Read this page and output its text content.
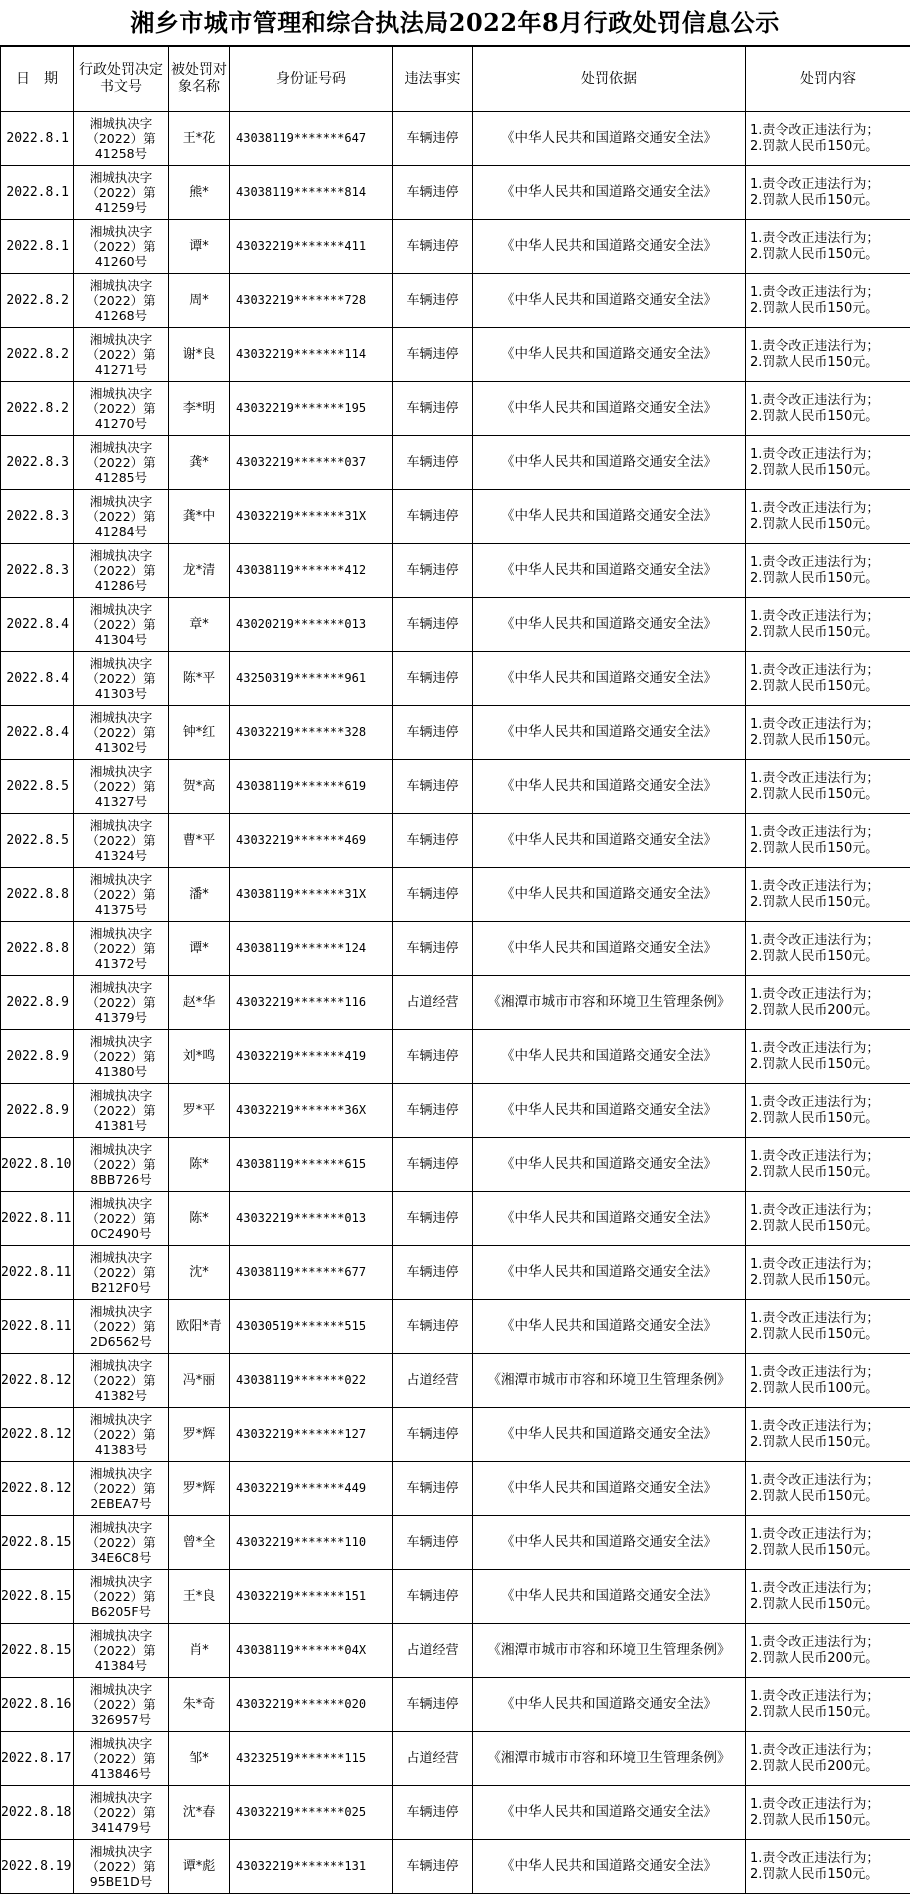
湘乡市城市管理和综合执法局2022年8月行政处罚信息公示
日　期	行政处罚决定书文号	被处罚对象名称	身份证号码	违法事实	处罚依据	处罚内容
2022.8.1	湘城执决字（2022）第41258号	王*花	43038119*******647	车辆违停	《中华人民共和国道路交通安全法》	1.责令改正违法行为；
2.罚款人民币150元。
2022.8.1	湘城执决字（2022）第41259号	熊*	43038119*******814	车辆违停	《中华人民共和国道路交通安全法》	1.责令改正违法行为；
2.罚款人民币150元。
2022.8.1	湘城执决字（2022）第41260号	谭*	43032219*******411	车辆违停	《中华人民共和国道路交通安全法》	1.责令改正违法行为；
2.罚款人民币150元。
2022.8.2	湘城执决字（2022）第41268号	周*	43032219*******728	车辆违停	《中华人民共和国道路交通安全法》	1.责令改正违法行为；
2.罚款人民币150元。
2022.8.2	湘城执决字（2022）第41271号	谢*良	43032219*******114	车辆违停	《中华人民共和国道路交通安全法》	1.责令改正违法行为；
2.罚款人民币150元。
2022.8.2	湘城执决字（2022）第41270号	李*明	43032219*******195	车辆违停	《中华人民共和国道路交通安全法》	1.责令改正违法行为；
2.罚款人民币150元。
2022.8.3	湘城执决字（2022）第41285号	龚*	43032219*******037	车辆违停	《中华人民共和国道路交通安全法》	1.责令改正违法行为；
2.罚款人民币150元。
2022.8.3	湘城执决字（2022）第41284号	龚*中	43032219*******31X	车辆违停	《中华人民共和国道路交通安全法》	1.责令改正违法行为；
2.罚款人民币150元。
2022.8.3	湘城执决字（2022）第41286号	龙*清	43038119*******412	车辆违停	《中华人民共和国道路交通安全法》	1.责令改正违法行为；
2.罚款人民币150元。
2022.8.4	湘城执决字（2022）第41304号	章*	43020219*******013	车辆违停	《中华人民共和国道路交通安全法》	1.责令改正违法行为；
2.罚款人民币150元。
2022.8.4	湘城执决字（2022）第41303号	陈*平	43250319*******961	车辆违停	《中华人民共和国道路交通安全法》	1.责令改正违法行为；
2.罚款人民币150元。
2022.8.4	湘城执决字（2022）第41302号	钟*红	43032219*******328	车辆违停	《中华人民共和国道路交通安全法》	1.责令改正违法行为；
2.罚款人民币150元。
2022.8.5	湘城执决字（2022）第41327号	贺*高	43038119*******619	车辆违停	《中华人民共和国道路交通安全法》	1.责令改正违法行为；
2.罚款人民币150元。
2022.8.5	湘城执决字（2022）第41324号	曹*平	43032219*******469	车辆违停	《中华人民共和国道路交通安全法》	1.责令改正违法行为；
2.罚款人民币150元。
2022.8.8	湘城执决字（2022）第41375号	潘*	43038119*******31X	车辆违停	《中华人民共和国道路交通安全法》	1.责令改正违法行为；
2.罚款人民币150元。
2022.8.8	湘城执决字（2022）第41372号	谭*	43038119*******124	车辆违停	《中华人民共和国道路交通安全法》	1.责令改正违法行为；
2.罚款人民币150元。
2022.8.9	湘城执决字（2022）第41379号	赵*华	43032219*******116	占道经营	《湘潭市城市市容和环境卫生管理条例》	1.责令改正违法行为；
2.罚款人民币200元。
2022.8.9	湘城执决字（2022）第41380号	刘*鸣	43032219*******419	车辆违停	《中华人民共和国道路交通安全法》	1.责令改正违法行为；
2.罚款人民币150元。
2022.8.9	湘城执决字（2022）第41381号	罗*平	43032219*******36X	车辆违停	《中华人民共和国道路交通安全法》	1.责令改正违法行为；
2.罚款人民币150元。
2022.8.10	湘城执决字（2022）第8BB726号	陈*	43038119*******615	车辆违停	《中华人民共和国道路交通安全法》	1.责令改正违法行为；
2.罚款人民币150元。
2022.8.11	湘城执决字（2022）第0C2490号	陈*	43032219*******013	车辆违停	《中华人民共和国道路交通安全法》	1.责令改正违法行为；
2.罚款人民币150元。
2022.8.11	湘城执决字（2022）第B212F0号	沈*	43038119*******677	车辆违停	《中华人民共和国道路交通安全法》	1.责令改正违法行为；
2.罚款人民币150元。
2022.8.11	湘城执决字（2022）第2D6562号	欧阳*青	43030519*******515	车辆违停	《中华人民共和国道路交通安全法》	1.责令改正违法行为；
2.罚款人民币150元。
2022.8.12	湘城执决字（2022）第41382号	冯*丽	43038119*******022	占道经营	《湘潭市城市市容和环境卫生管理条例》	1.责令改正违法行为；
2.罚款人民币100元。
2022.8.12	湘城执决字（2022）第41383号	罗*辉	43032219*******127	车辆违停	《中华人民共和国道路交通安全法》	1.责令改正违法行为；
2.罚款人民币150元。
2022.8.12	湘城执决字（2022）第2EBEA7号	罗*辉	43032219*******449	车辆违停	《中华人民共和国道路交通安全法》	1.责令改正违法行为；
2.罚款人民币150元。
2022.8.15	湘城执决字（2022）第34E6C8号	曾*全	43032219*******110	车辆违停	《中华人民共和国道路交通安全法》	1.责令改正违法行为；
2.罚款人民币150元。
2022.8.15	湘城执决字（2022）第B6205F号	王*良	43032219*******151	车辆违停	《中华人民共和国道路交通安全法》	1.责令改正违法行为；
2.罚款人民币150元。
2022.8.15	湘城执决字（2022）第41384号	肖*	43038119*******04X	占道经营	《湘潭市城市市容和环境卫生管理条例》	1.责令改正违法行为；
2.罚款人民币200元。
2022.8.16	湘城执决字（2022）第326957号	朱*奇	43032219*******020	车辆违停	《中华人民共和国道路交通安全法》	1.责令改正违法行为；
2.罚款人民币150元。
2022.8.17	湘城执决字（2022）第413846号	邹*	43232519*******115	占道经营	《湘潭市城市市容和环境卫生管理条例》	1.责令改正违法行为；
2.罚款人民币200元。
2022.8.18	湘城执决字（2022）第341479号	沈*春	43032219*******025	车辆违停	《中华人民共和国道路交通安全法》	1.责令改正违法行为；
2.罚款人民币150元。
2022.8.19	湘城执决字（2022）第95BE1D号	谭*彪	43032219*******131	车辆违停	《中华人民共和国道路交通安全法》	1.责令改正违法行为；
2.罚款人民币150元。
